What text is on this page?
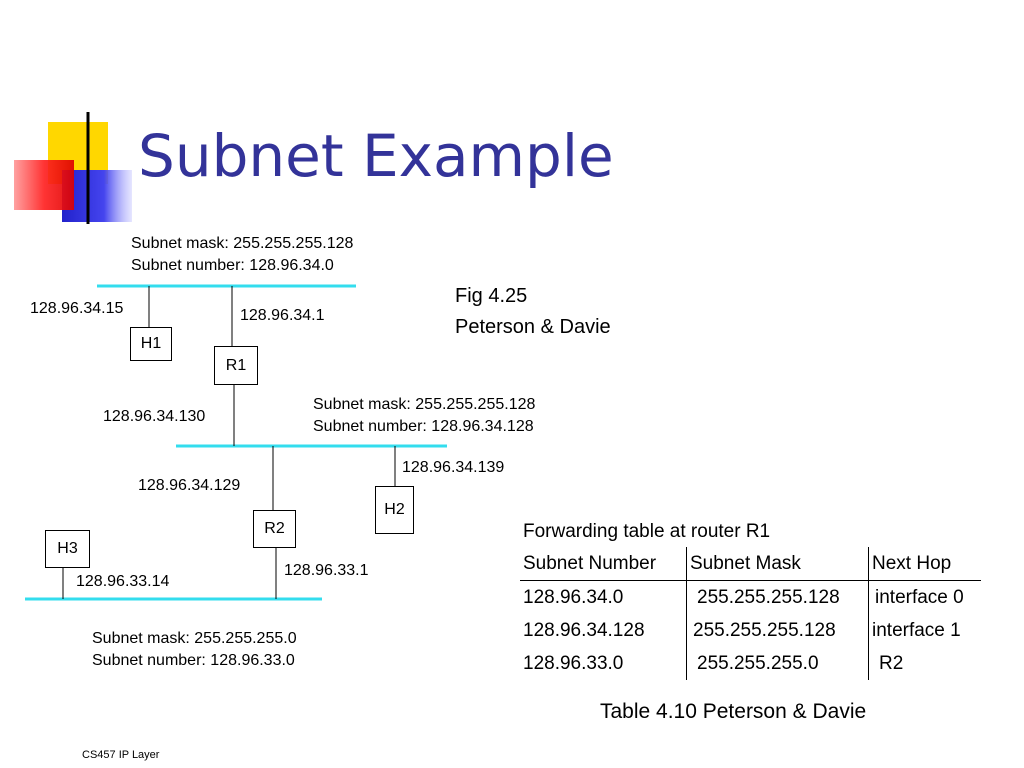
Subnet Example
Subnet mask: 255.255.255.128
Subnet number: 128.96.34.0
Fig 4.25
Peterson & Davie
128.96.34.15	128.96.34.1
128.96.34.130
128.96.34.139
128.96.34.129
128.96.33.1
128.96.33.14
Subnet mask: 255.255.255.128
Subnet number: 128.96.34.128
Subnet mask: 255.255.255.0
Subnet number: 128.96.33.0
H1
R1
H2
R2
H3
Forwarding table at router R1
Subnet Number	Subnet Mask	Next Hop
128.96.34.0	255.255.255.128	interface 0
128.96.34.128	255.255.255.128	interface 1
128.96.33.0	255.255.255.0	R2
Table 4.10 Peterson & Davie
CS457 IP Layer
